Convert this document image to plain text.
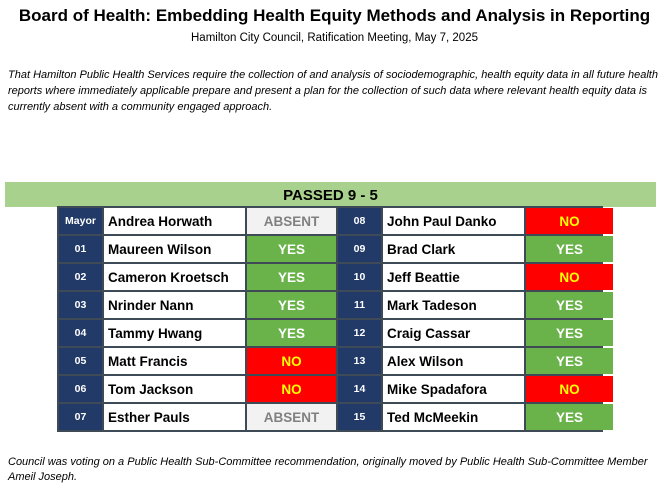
Board of Health: Embedding Health Equity Methods and Analysis in Reporting
Hamilton City Council, Ratification Meeting, May 7, 2025
That Hamilton Public Health Services require the collection of and analysis of sociodemographic, health equity data in all future health reports where immediately applicable prepare and present a plan for the collection of such data where relevant health equity data is currently absent with a community engaged approach.
PASSED 9 - 5
Mayor Andrea Horwath	ABSENT	08	John Paul Danko	NO
01	Maureen Wilson	YES	09	Brad Clark	YES
02	Cameron Kroetsch	YES	10	Jeff Beattie	NO
03	Nrinder Nann	YES	11	Mark Tadeson	YES
04	Tammy Hwang	YES	12	Craig Cassar	YES
05	Matt Francis	NO	13	Alex Wilson	YES
06	Tom Jackson	NO	14	Mike Spadafora	NO
07	Esther Pauls	ABSENT	15	Ted McMeekin	YES
Council was voting on a Public Health Sub-Committee recommendation, originally moved by Public Health Sub-Committee Member Ameil Joseph.
